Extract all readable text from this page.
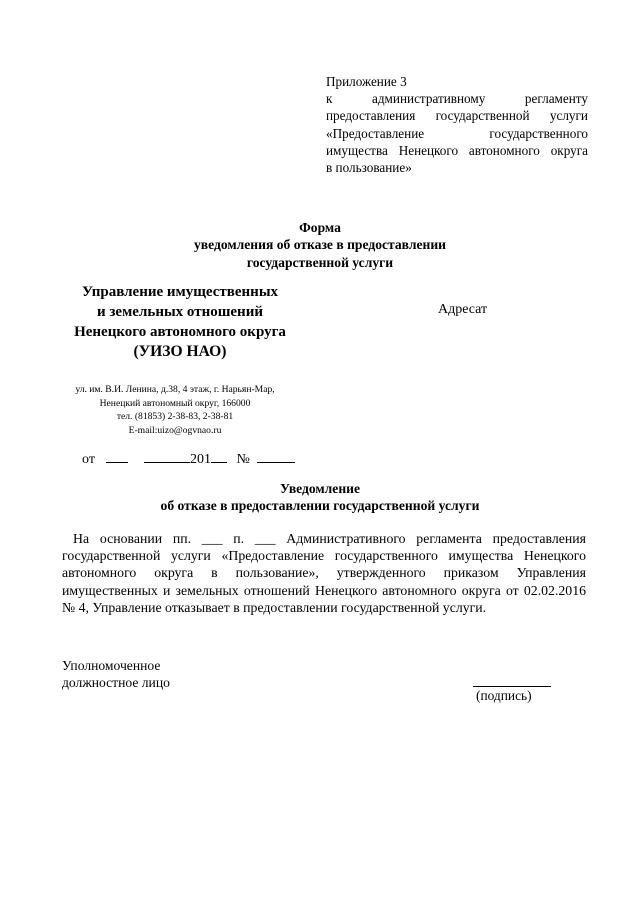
Приложение 3
к административному регламенту
предоставления государственной услуги
«Предоставление государственного
имущества Ненецкого автономного округа
в пользование»
Форма
уведомления об отказе в предоставлении
государственной услуги
Управление имущественных
и земельных отношений
Ненецкого автономного округа
(УИЗО НАО)
Адресат
ул. им. В.И. Ленина, д.38, 4 этаж, г. Нарьян-Мар,
Ненецкий автономный округ, 166000
тел. (81853) 2-38-83, 2-38-81
E-mail:uizo@ogvnao.ru
от	201 №
Уведомление
об отказе в предоставлении государственной услуги
На основании пп. ___ п. ___ Административного регламента предоставления
государственной услуги «Предоставление государственного имущества Ненецкого
автономного округа в пользование», утвержденного приказом Управления
имущественных и земельных отношений Ненецкого автономного округа от 02.02.2016
№ 4, Управление отказывает в предоставлении государственной услуги.
Уполномоченное
должностное лицо
(подпись)
